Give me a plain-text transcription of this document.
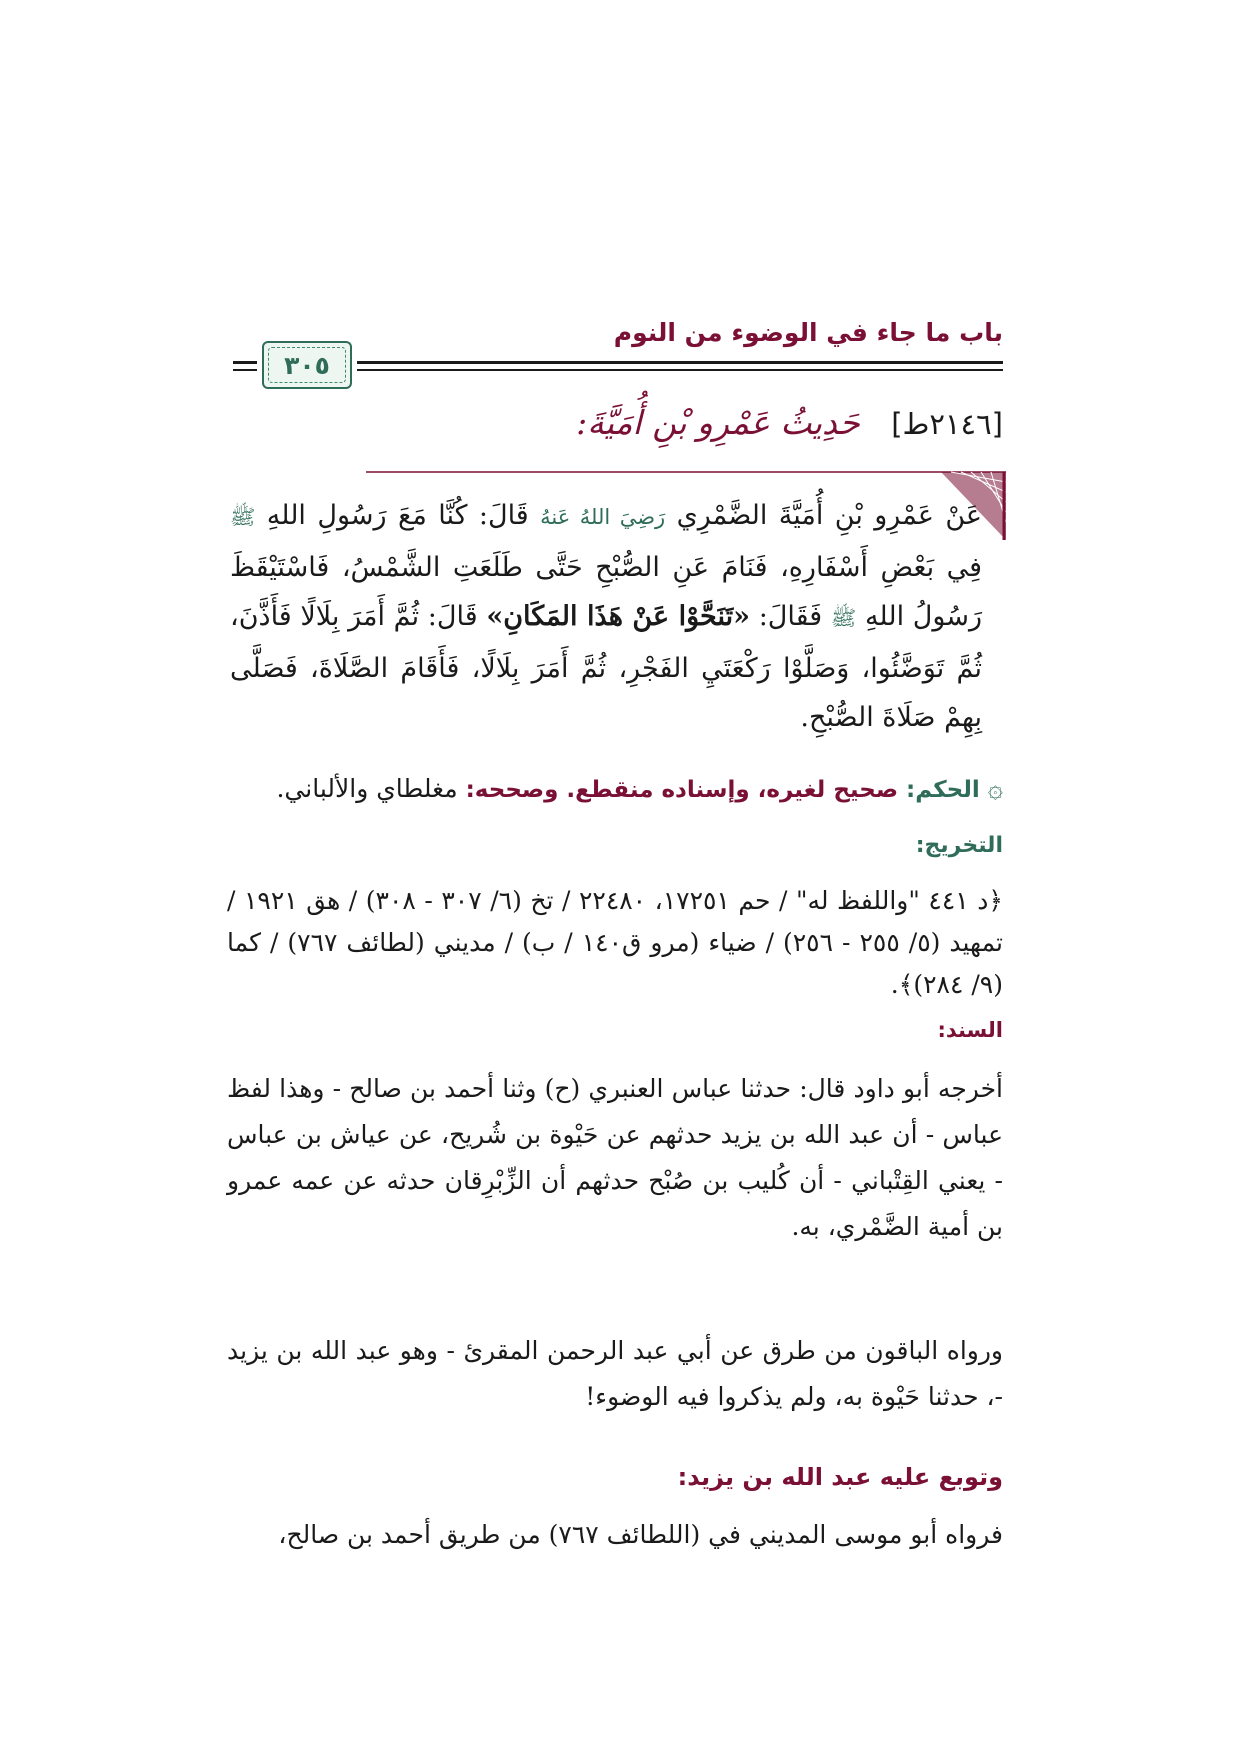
باب ما جاء في الوضوء من النوم
٣٠٥
[٢١٤٦ط]   حَدِيثُ عَمْرِو بْنِ أُمَيَّةَ:
عَنْ عَمْرِو بْنِ أُمَيَّةَ الضَّمْرِي رَضِيَ اللهُ عَنهُ قَالَ: كُنَّا مَعَ رَسُولِ اللهِ ﷺ فِي بَعْضِ أَسْفَارِهِ، فَنَامَ عَنِ الصُّبْحِ حَتَّى طَلَعَتِ الشَّمْسُ، فَاسْتَيْقَظَ رَسُولُ اللهِ ﷺ فَقَالَ: «تَنَحَّوْا عَنْ هَذَا المَكَانِ» قَالَ: ثُمَّ أَمَرَ بِلَالًا فَأَذَّنَ، ثُمَّ تَوَضَّئُوا، وَصَلَّوْا رَكْعَتَيِ الفَجْرِ، ثُمَّ أَمَرَ بِلَالًا، فَأَقَامَ الصَّلَاةَ، فَصَلَّى بِهِمْ صَلَاةَ الصُّبْحِ.
۞الحكم: صحيح لغيره، وإسناده منقطع. وصححه: مغلطاي والألباني.
التخريج:
﴿د ٤٤١ "واللفظ له" / حم ١٧٢٥١، ٢٢٤٨٠ / تخ (٦/ ٣٠٧ - ٣٠٨) / هق ١٩٢١ / تمهيد (٥/ ٢٥٥ - ٢٥٦) / ضياء (مرو ق١٤٠ / ب) / مديني (لطائف ٧٦٧) / كما (٩/ ٢٨٤)﴾.
السند:
أخرجه أبو داود قال: حدثنا عباس العنبري (ح) وثنا أحمد بن صالح - وهذا لفظ عباس - أن عبد الله بن يزيد حدثهم عن حَيْوة بن شُريح، عن عياش بن عباس - يعني القِتْباني - أن كُليب بن صُبْح حدثهم أن الزِّبْرِقان حدثه عن عمه عمرو بن أمية الضَّمْري، به.
ورواه الباقون من طرق عن أبي عبد الرحمن المقرئ - وهو عبد الله بن يزيد -، حدثنا حَيْوة به، ولم يذكروا فيه الوضوء!
وتوبع عليه عبد الله بن يزيد:
فرواه أبو موسى المديني في (اللطائف ٧٦٧) من طريق أحمد بن صالح،
